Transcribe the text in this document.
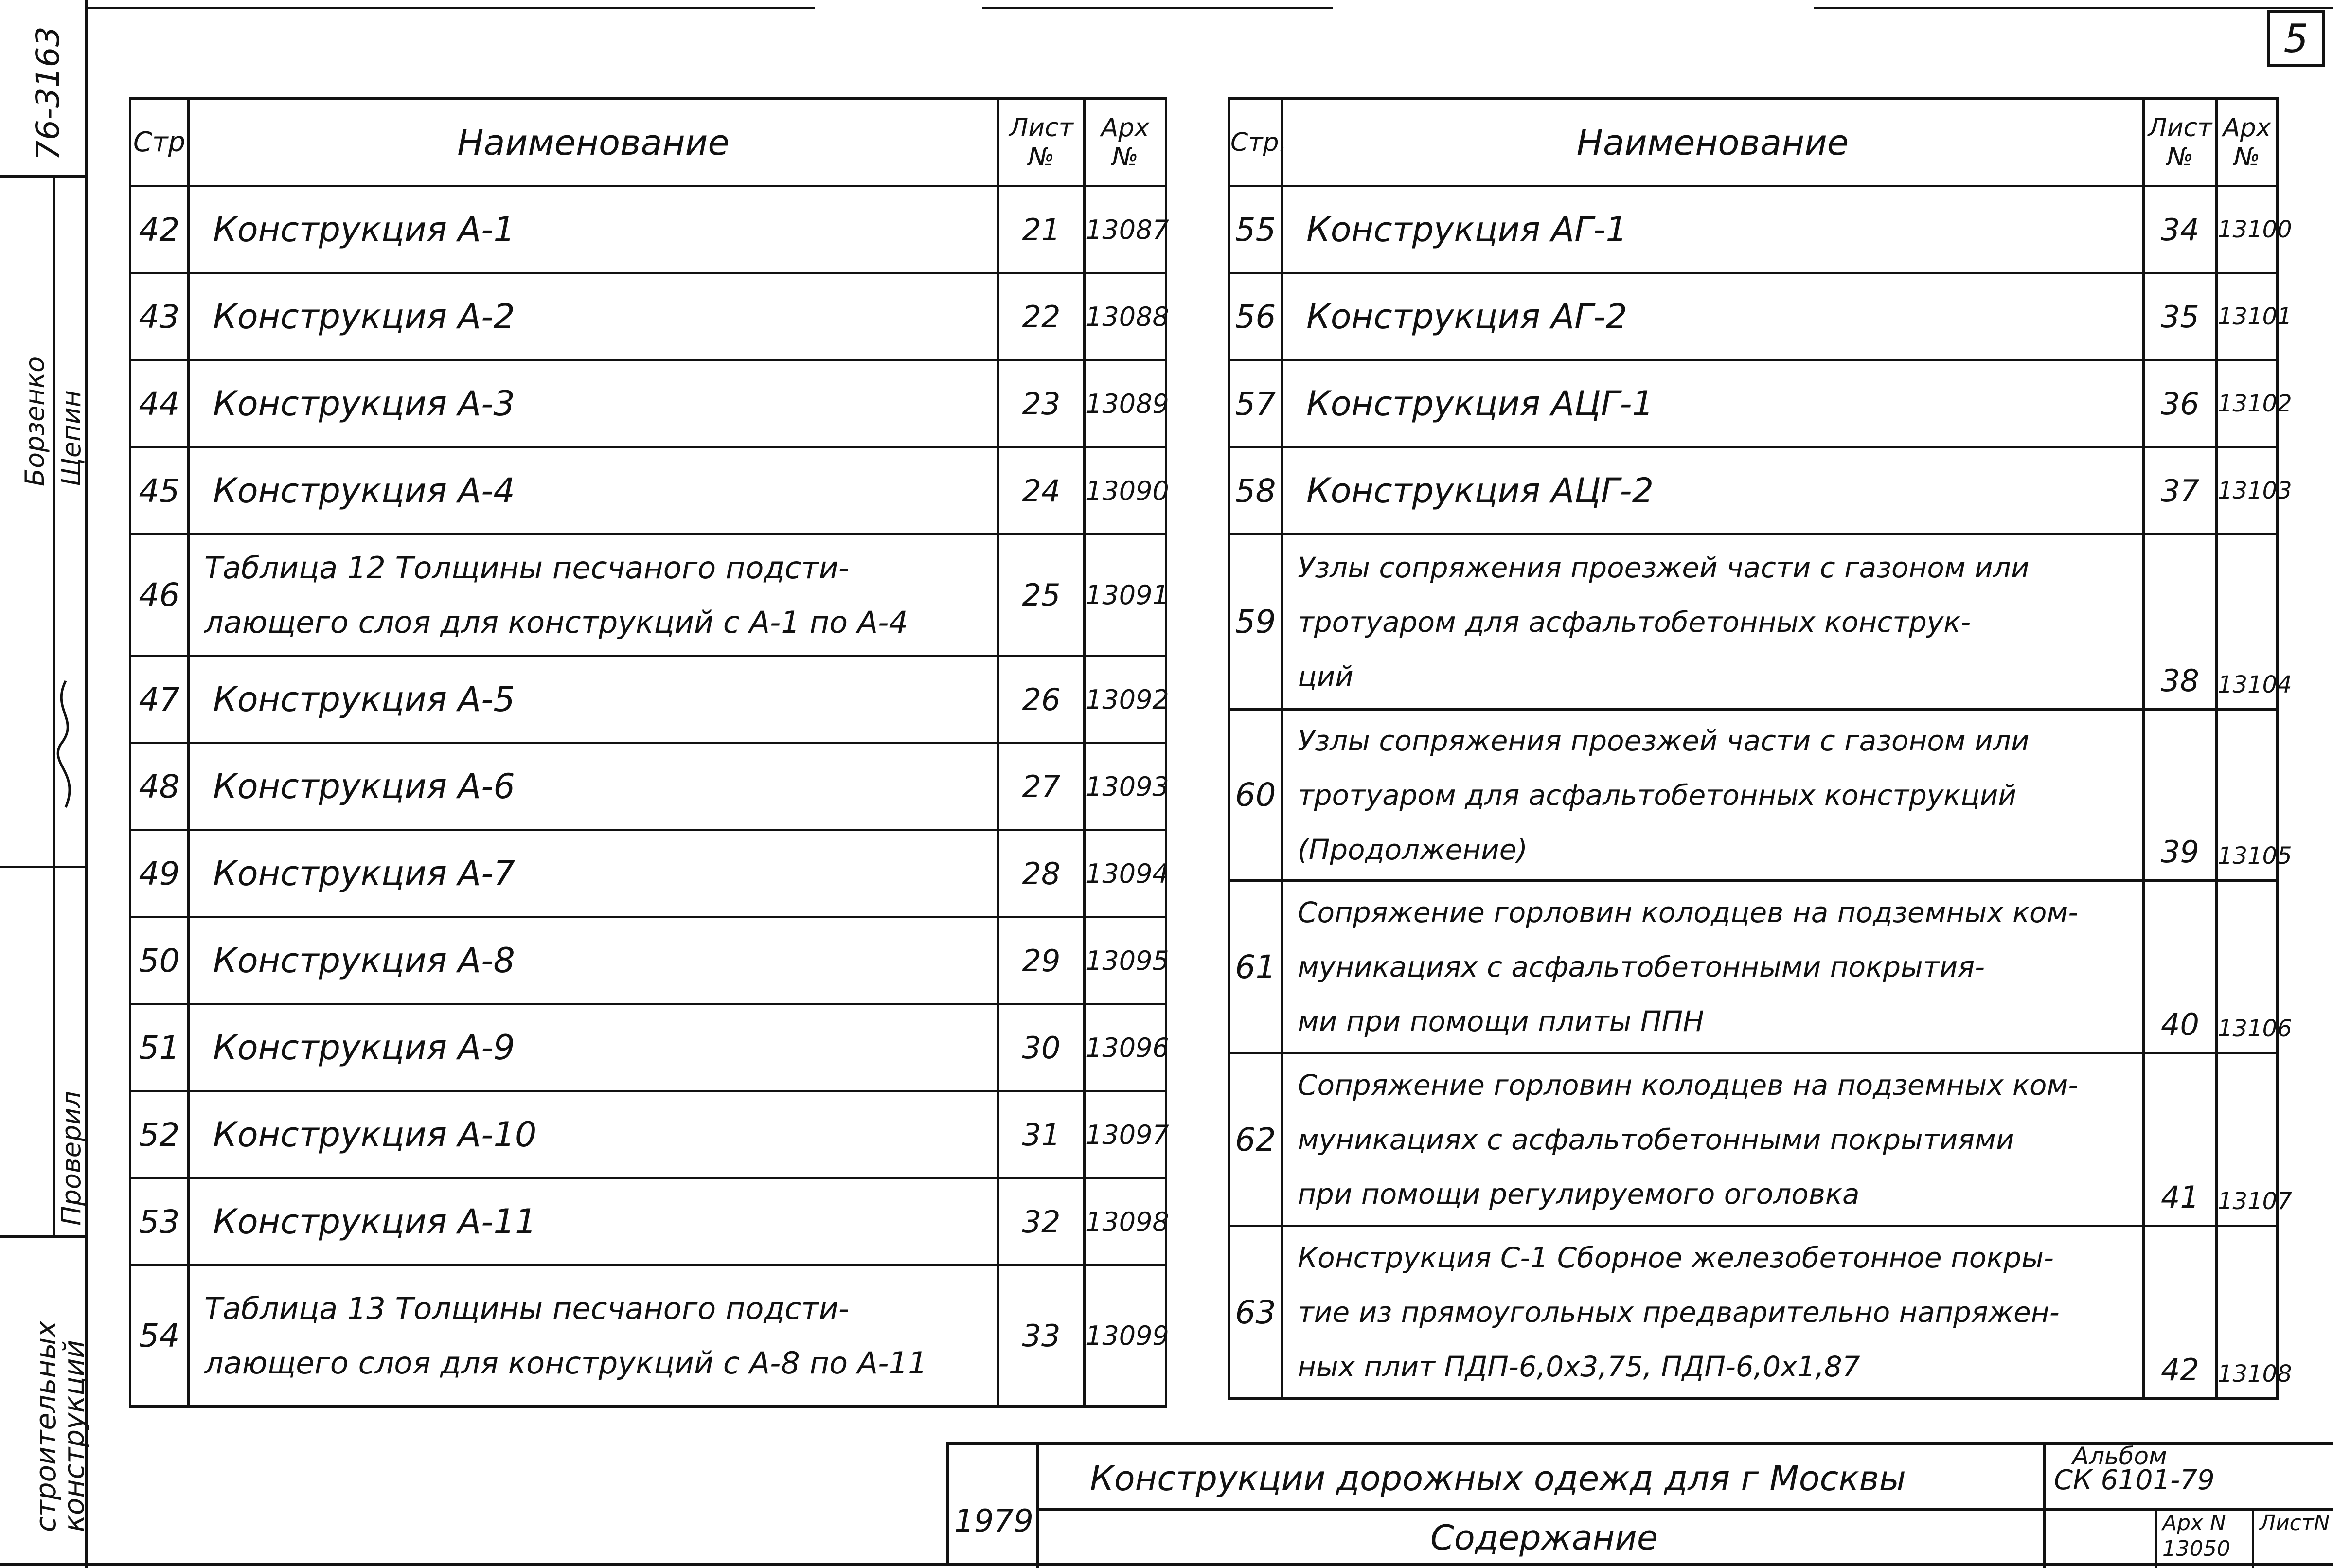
5
76-3163
Борзенко Щепин
Проверил
строительных
конструкций
Стр	Наименование	Лист №	Арх №
42	Конструкция А-1	21	13087
43	Конструкция А-2	22	13088
44	Конструкция А-3	23	13089
45	Конструкция А-4	24	13090
46	Таблица 12 Толщины песчаного подсти-
лающего слоя для конструкций с А-1 по А-4	25	13091
47	Конструкция А-5	26	13092
48	Конструкция А-6	27	13093
49	Конструкция А-7	28	13094
50	Конструкция А-8	29	13095
51	Конструкция А-9	30	13096
52	Конструкция А-10	31	13097
53	Конструкция А-11	32	13098
54	Таблица 13 Толщины песчаного подсти-
лающего слоя для конструкций с А-8 по А-11	33	13099
Стр.	Наименование	Лист №	Арх №
55	Конструкция АГ-1	34	13100
56	Конструкция АГ-2	35	13101
57	Конструкция АЦГ-1	36	13102
58	Конструкция АЦГ-2	37	13103
59	Узлы сопряжения проезжей части с газоном или
тротуаром для асфальтобетонных конструк-
ций	38	13104
60	Узлы сопряжения проезжей части с газоном или
тротуаром для асфальтобетонных конструкций
(Продолжение)	39	13105
61	Сопряжение горловин колодцев на подземных ком-
муникациях с асфальтобетонными покрытия-
ми при помощи плиты ППН	40	13106
62	Сопряжение горловин колодцев на подземных ком-
муникациях с асфальтобетонными покрытиями
при помощи регулируемого оголовка	41	13107
63	Конструкция С-1 Сборное железобетонное покры-
тие из прямоугольных предварительно напряжен-
ных плит ПДП-6,0х3,75, ПДП-6,0х1,87	42	13108
1979
Конструкции дорожных одежд для г Москвы
Содержание
Альбом
СК 6101-79
Арх N
13050
ЛистN
